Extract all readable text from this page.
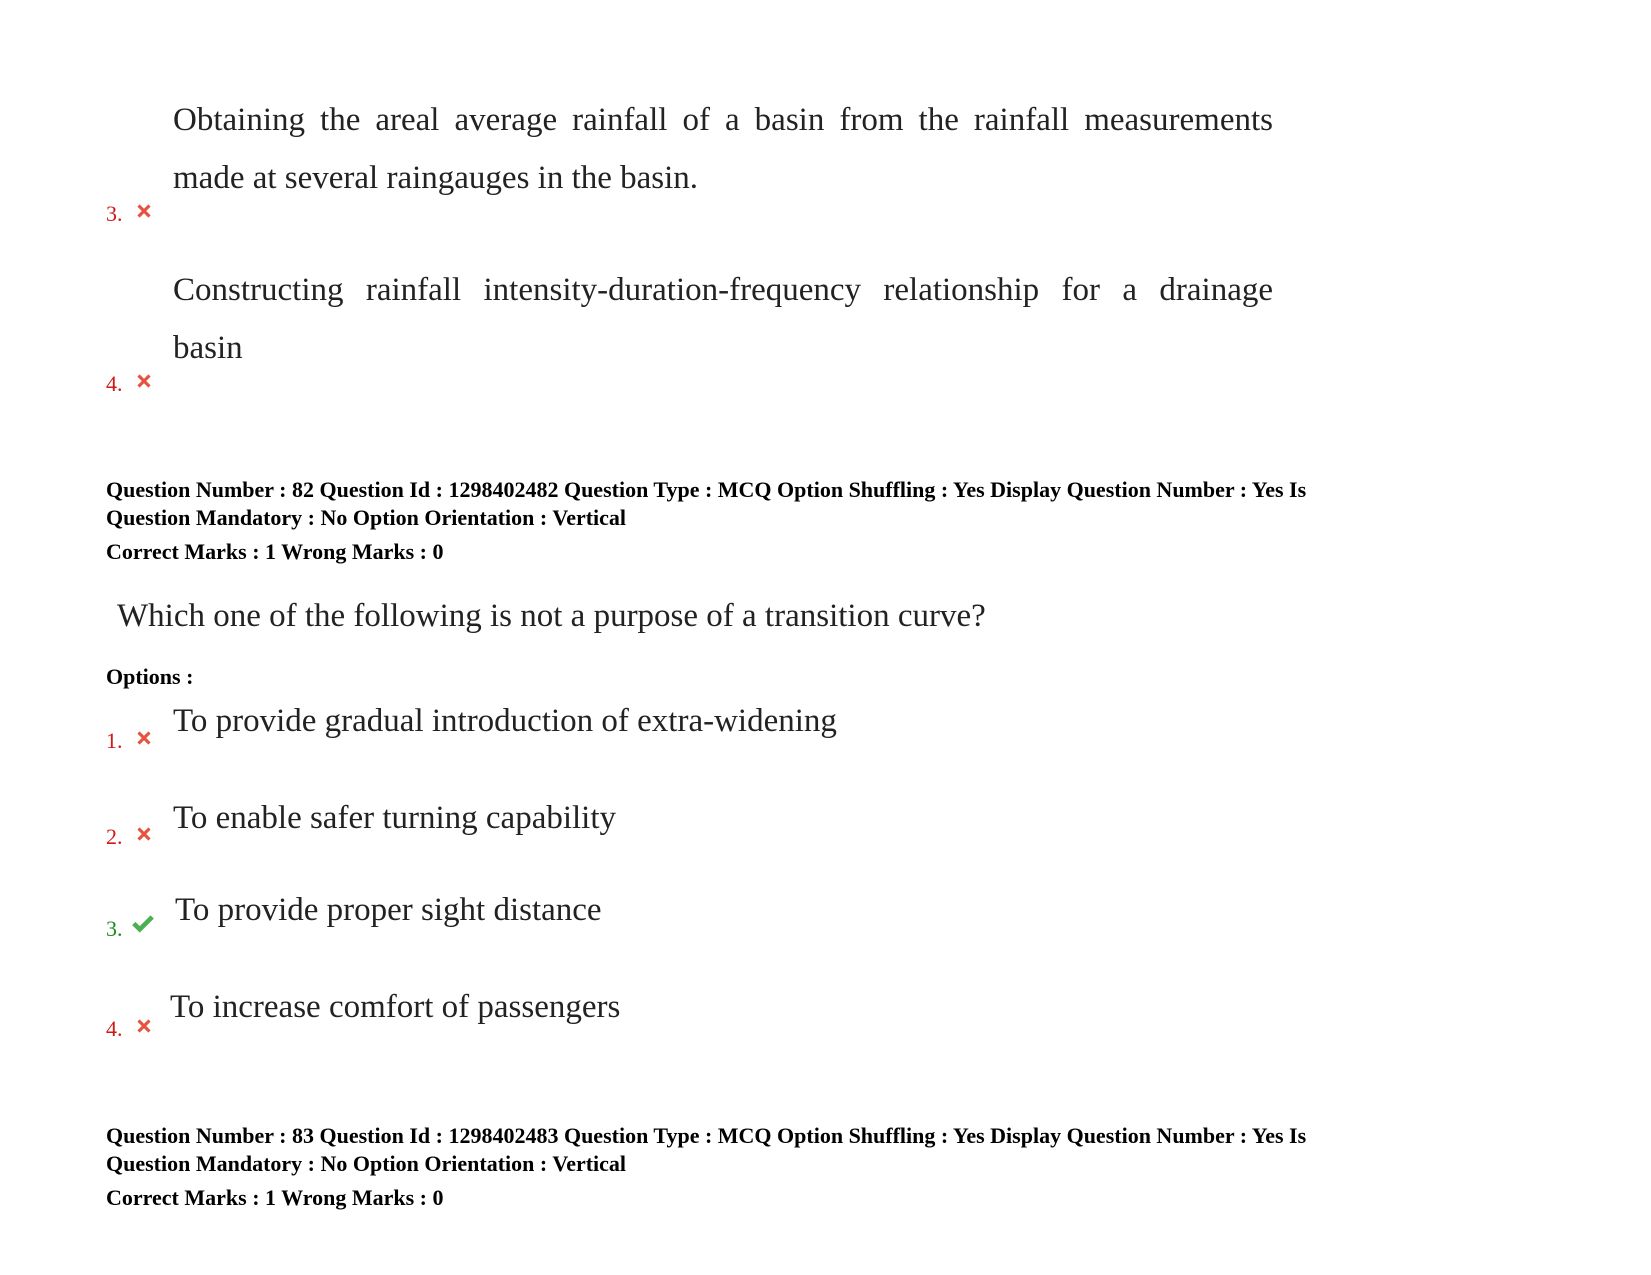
Obtaining the areal average rainfall of a basin from the rainfall measurements
made at several raingauges in the basin.
3.
Constructing rainfall intensity-duration-frequency relationship for a drainage
basin
4.
Question Number : 82 Question Id : 1298402482 Question Type : MCQ Option Shuffling : Yes Display Question Number : Yes Is
Question Mandatory : No Option Orientation : Vertical
Correct Marks : 1 Wrong Marks : 0
Which one of the following is not a purpose of a transition curve?
Options :
1.
To provide gradual introduction of extra-widening
2.
To enable safer turning capability
3.
To provide proper sight distance
4.
To increase comfort of passengers
Question Number : 83 Question Id : 1298402483 Question Type : MCQ Option Shuffling : Yes Display Question Number : Yes Is
Question Mandatory : No Option Orientation : Vertical
Correct Marks : 1 Wrong Marks : 0
